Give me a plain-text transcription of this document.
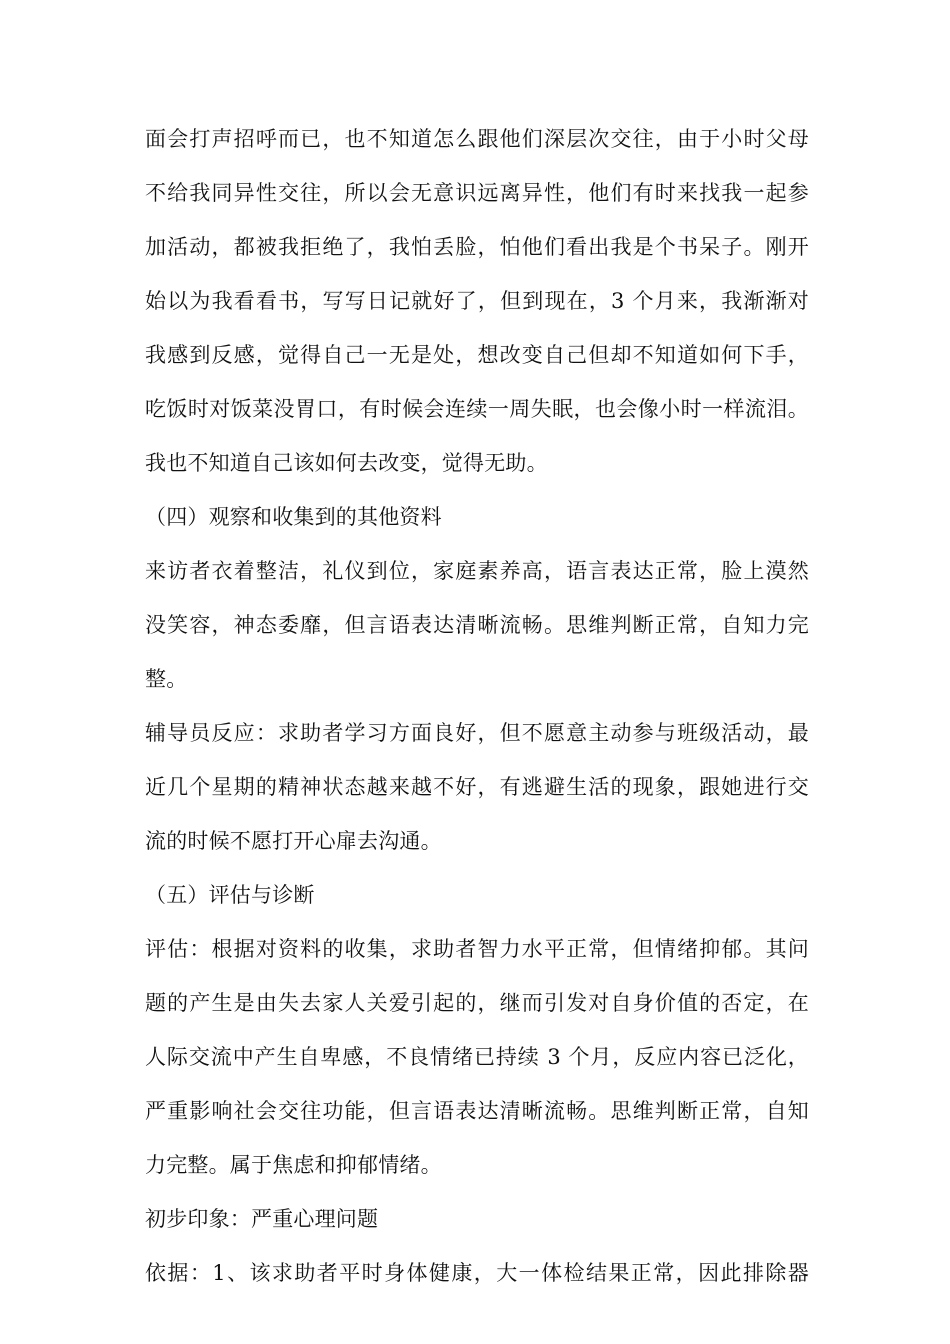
面会打声招呼而已，也不知道怎么跟他们深层次交往，由于小时父母
不给我同异性交往，所以会无意识远离异性，他们有时来找我一起参
加活动，都被我拒绝了，我怕丢脸，怕他们看出我是个书呆子。刚开
始以为我看看书，写写日记就好了，但到现在，3 个月来，我渐渐对
我感到反感，觉得自己一无是处，想改变自己但却不知道如何下手，
吃饭时对饭菜没胃口，有时候会连续一周失眠，也会像小时一样流泪。
我也不知道自己该如何去改变，觉得无助。
（四）观察和收集到的其他资料
来访者衣着整洁，礼仪到位，家庭素养高，语言表达正常，脸上漠然
没笑容，神态委靡，但言语表达清晰流畅。思维判断正常，自知力完
整。
辅导员反应：求助者学习方面良好，但不愿意主动参与班级活动，最
近几个星期的精神状态越来越不好，有逃避生活的现象，跟她进行交
流的时候不愿打开心扉去沟通。
（五）评估与诊断
评估：根据对资料的收集，求助者智力水平正常，但情绪抑郁。其问
题的产生是由失去家人关爱引起的，继而引发对自身价值的否定，在
人际交流中产生自卑感，不良情绪已持续 3 个月，反应内容已泛化，
严重影响社会交往功能，但言语表达清晰流畅。思维判断正常，自知
力完整。属于焦虑和抑郁情绪。
初步印象：严重心理问题
依据：1、该求助者平时身体健康，大一体检结果正常，因此排除器
